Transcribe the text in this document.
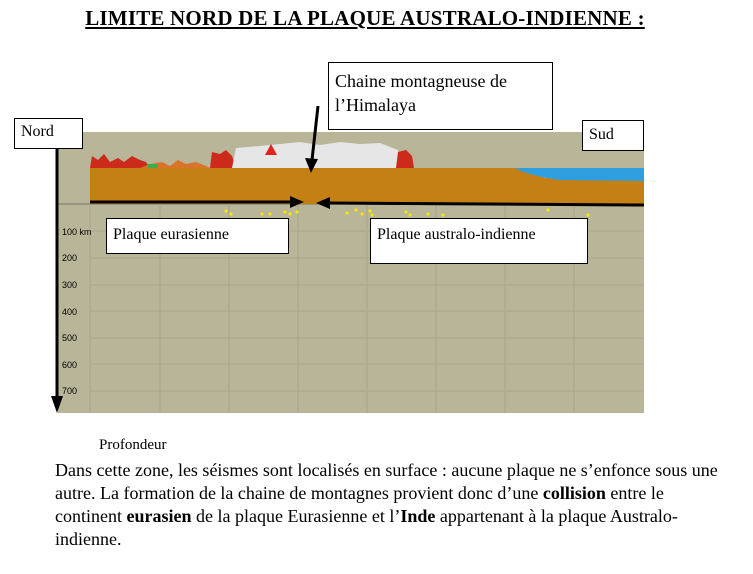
LIMITE NORD DE LA PLAQUE AUSTRALO-INDIENNE :
100 km
200
300
400
500
600
700
Chaine montagneuse de l’Himalaya
Nord	Sud
Plaque eurasienne	Plaque australo-indienne
Profondeur
Dans cette zone, les séismes sont localisés en surface : aucune plaque ne s’enfonce sous une autre. La formation de la chaine de montagnes provient donc d’une collision entre le continent eurasien de la plaque Eurasienne et l’Inde appartenant à la plaque Australo-indienne.
